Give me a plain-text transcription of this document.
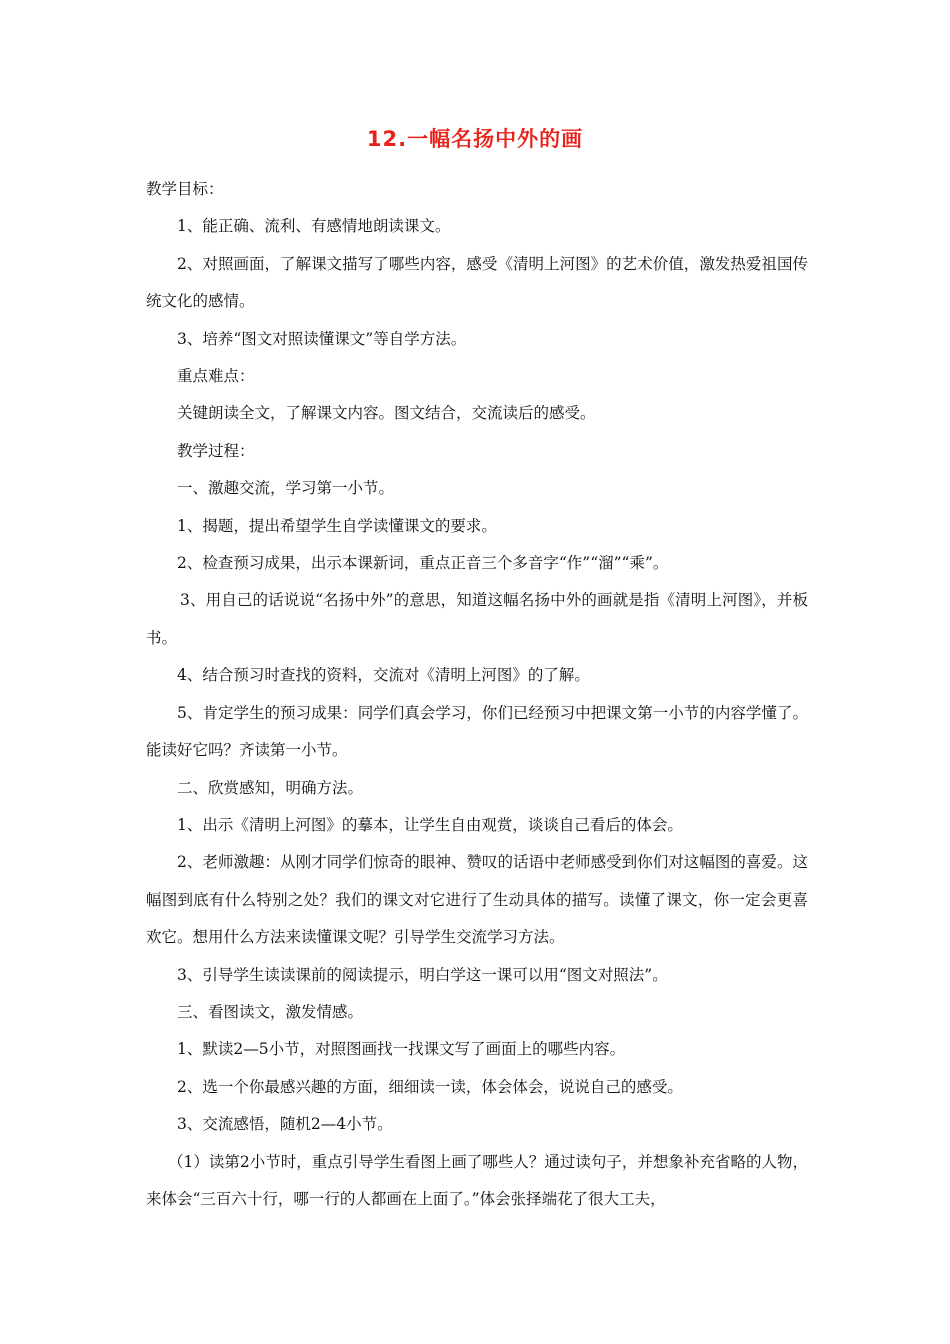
12.一幅名扬中外的画

教学目标：

1、能正确、流利、有感情地朗读课文。

2、对照画面，了解课文描写了哪些内容，感受《清明上河图》的艺术价值，激发热爱祖国传统文化的感情。

3、培养“图文对照读懂课文”等自学方法。

重点难点：

关键朗读全文，了解课文内容。图文结合，交流读后的感受。

教学过程：

一、激趣交流，学习第一小节。

1、揭题，提出希望学生自学读懂课文的要求。

2、检查预习成果，出示本课新词，重点正音三个多音字“作”“溜”“乘”。

3、用自己的话说说“名扬中外”的意思，知道这幅名扬中外的画就是指《清明上河图》，并板书。

4、结合预习时查找的资料，交流对《清明上河图》的了解。

5、肯定学生的预习成果：同学们真会学习，你们已经预习中把课文第一小节的内容学懂了。能读好它吗？齐读第一小节。

二、欣赏感知，明确方法。

1、出示《清明上河图》的摹本，让学生自由观赏，谈谈自己看后的体会。

2、老师激趣：从刚才同学们惊奇的眼神、赞叹的话语中老师感受到你们对这幅图的喜爱。这幅图到底有什么特别之处？我们的课文对它进行了生动具体的描写。读懂了课文，你一定会更喜欢它。想用什么方法来读懂课文呢？引导学生交流学习方法。

3、引导学生读读课前的阅读提示，明白学这一课可以用“图文对照法”。

三、看图读文，激发情感。

1、默读2—5小节，对照图画找一找课文写了画面上的哪些内容。

2、选一个你最感兴趣的方面，细细读一读，体会体会，说说自己的感受。

3、交流感悟，随机2—4小节。

（1）读第2小节时，重点引导学生看图上画了哪些人？通过读句子，并想象补充省略的人物，来体会“三百六十行，哪一行的人都画在上面了。”体会张择端花了很大工夫，
